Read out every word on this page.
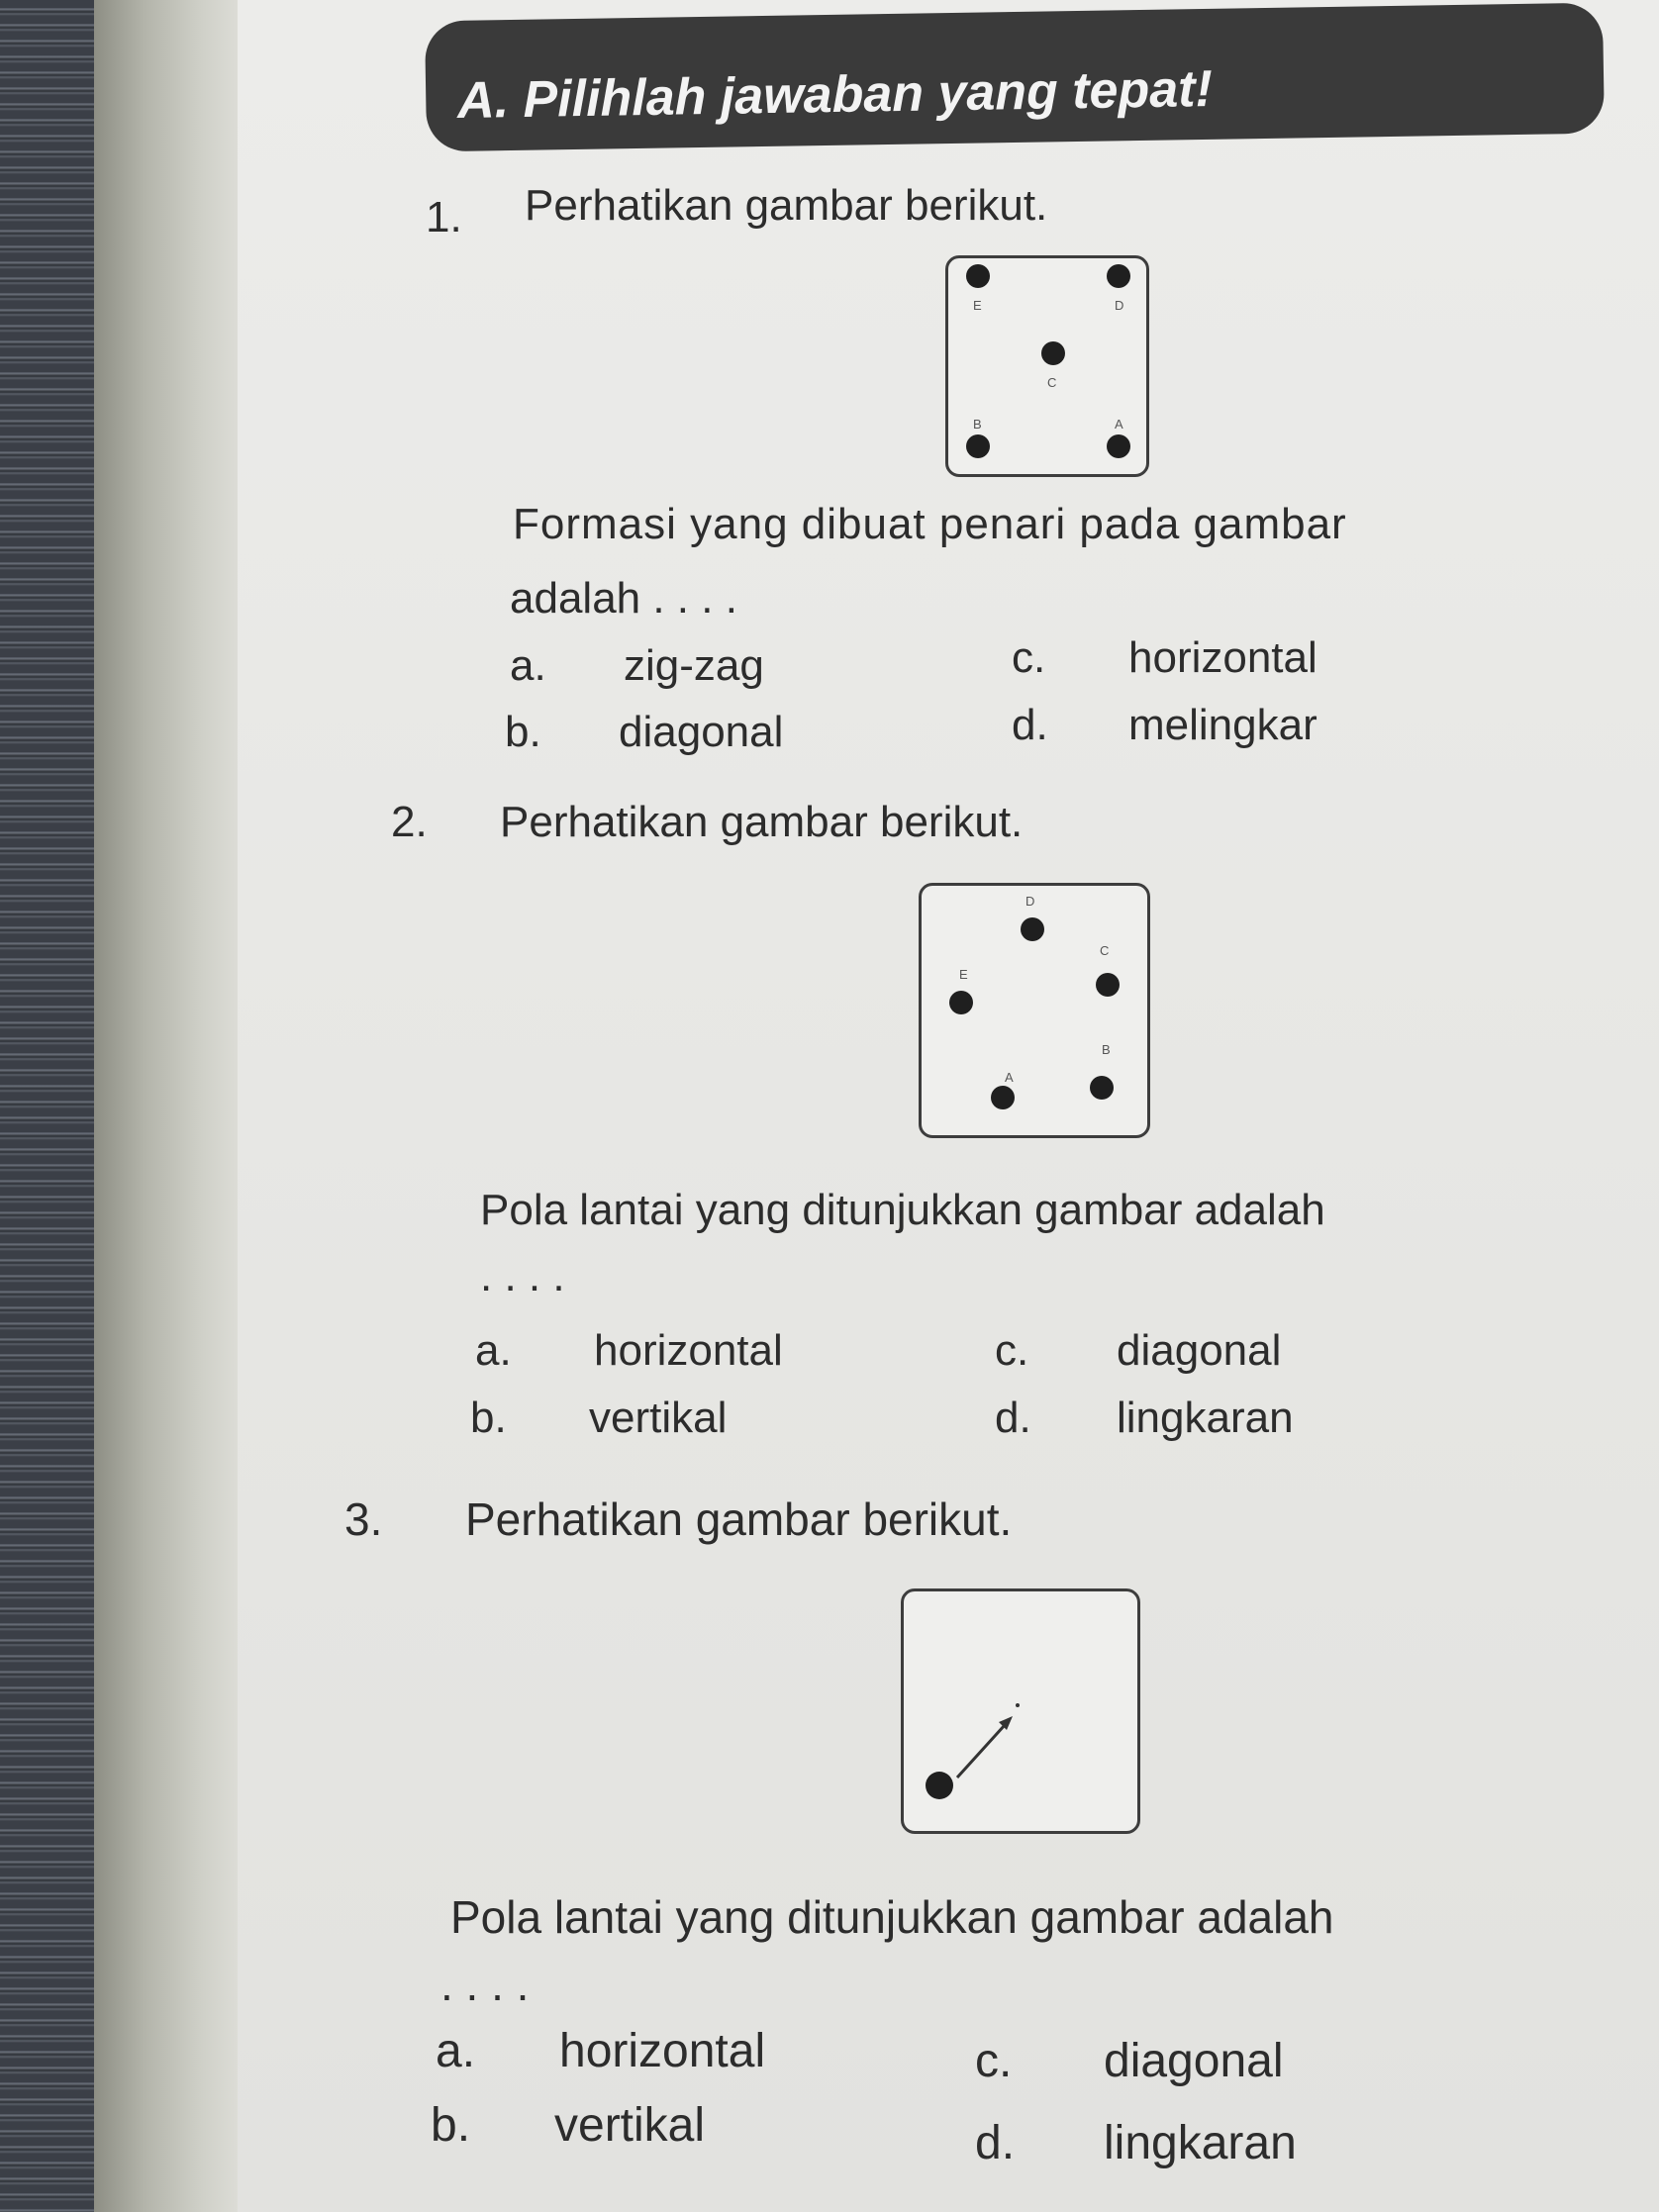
A. Pilihlah jawaban yang tepat!
1. Perhatikan gambar berikut.
E	D
C
B	A
Formasi yang dibuat penari pada gambar
adalah . . . .
a. zig-zag	c. horizontal
b. diagonal	d. melingkar
2. Perhatikan gambar berikut.
D
C
E
B
A
Pola lantai yang ditunjukkan gambar adalah
. . . .
a. horizontal	c. diagonal
b. vertikal	d. lingkaran
3. Perhatikan gambar berikut.
Pola lantai yang ditunjukkan gambar adalah
. . . .
a. horizontal	c. diagonal
b. vertikal	d. lingkaran
